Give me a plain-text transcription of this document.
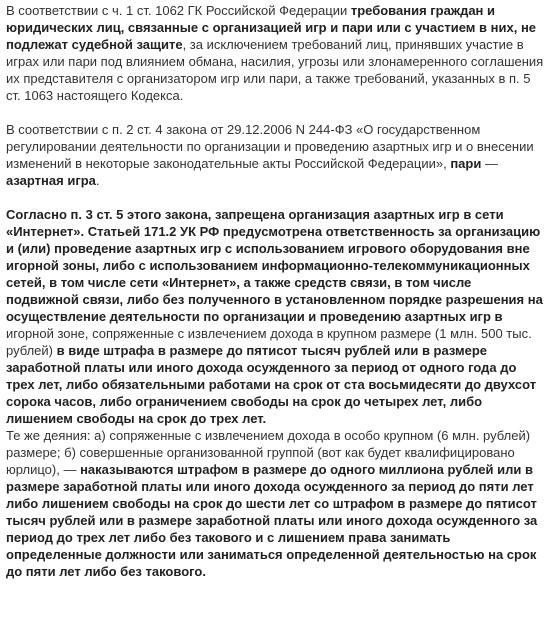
В соответствии с ч. 1 ст. 1062 ГК Российской Федерации требования граждан и юридических лиц, связанные с организацией игр и пари или с участием в них, не подлежат судебной защите, за исключением требований лиц, принявших участие в играх или пари под влиянием обмана, насилия, угрозы или злонамеренного соглашения их представителя с организатором игр или пари, а также требований, указанных в п. 5 ст. 1063 настоящего Кодекса.

В соответствии с п. 2 ст. 4 закона от 29.12.2006 N 244-ФЗ «О государственном регулировании деятельности по организации и проведению азартных игр и о внесении изменений в некоторые законодательные акты Российской Федерации», пари — азартная игра.

Согласно п. 3 ст. 5 этого закона, запрещена организация азартных игр в сети «Интернет». Статьей 171.2 УК РФ предусмотрена ответственность за организацию и (или) проведение азартных игр с использованием игрового оборудования вне игорной зоны, либо с использованием информационно-телекоммуникационных сетей, в том числе сети «Интернет», а также средств связи, в том числе подвижной связи, либо без полученного в установленном порядке разрешения на осуществление деятельности по организации и проведению азартных игр в игорной зоне, сопряженные с извлечением дохода в крупном размере (1 млн. 500 тыс. рублей) в виде штрафа в размере до пятисот тысяч рублей или в размере заработной платы или иного дохода осужденного за период от одного года до трех лет, либо обязательными работами на срок от ста восьмидесяти до двухсот сорока часов, либо ограничением свободы на срок до четырех лет, либо лишением свободы на срок до трех лет.

Те же деяния: а) сопряженные с извлечением дохода в особо крупном (6 млн. рублей) размере; б) совершенные организованной группой (вот как будет квалифицировано юрлицо), — наказываются штрафом в размере до одного миллиона рублей или в размере заработной платы или иного дохода осужденного за период до пяти лет либо лишением свободы на срок до шести лет со штрафом в размере до пятисот тысяч рублей или в размере заработной платы или иного дохода осужденного за период до трех лет либо без такового и с лишением права занимать определенные должности или заниматься определенной деятельностью на срок до пяти лет либо без такового.
